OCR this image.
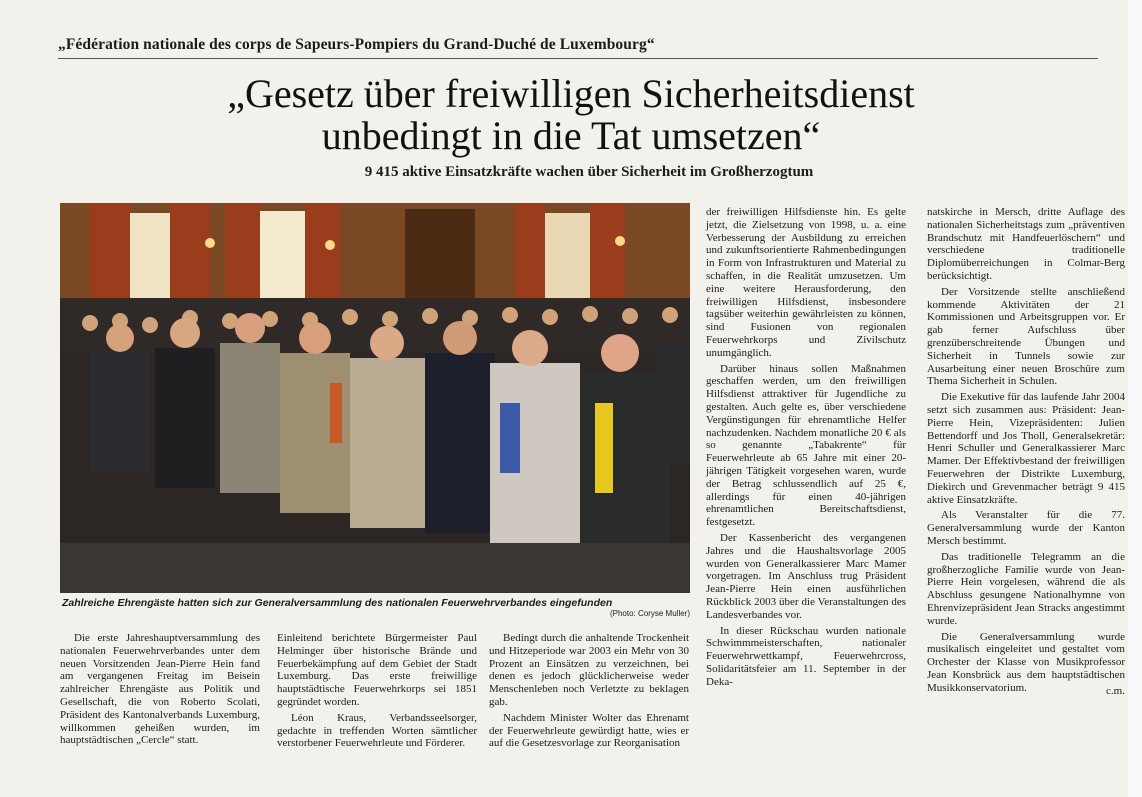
„Fédération nationale des corps de Sapeurs-Pompiers du Grand-Duché de Luxembourg“
„Gesetz über freiwilligen Sicherheitsdienst
unbedingt in die Tat umsetzen“
9 415 aktive Einsatzkräfte wachen über Sicherheit im Großherzogtum
Zahlreiche Ehrengäste hatten sich zur Generalversammlung des nationalen Feuerwehrverbandes eingefunden
(Photo: Coryse Muller)

Die erste Jahreshauptversammlung des nationalen Feuerwehrverbandes unter dem neuen Vorsitzenden Jean-Pierre Hein fand am vergangenen Freitag im Beisein zahlreicher Ehrengäste aus Politik und Gesellschaft, die von Roberto Scolati, Präsident des Kantonalverbands Luxemburg, willkommen geheißen wurden, im hauptstädtischen „Cercle“ statt.

Einleitend berichtete Bürgermeister Paul Helminger über historische Brände und Feuerbekämpfung auf dem Gebiet der Stadt Luxemburg. Das erste freiwillige hauptstädtische Feuerwehrkorps sei 1851 gegründet worden.

Léon Kraus, Verbandsseelsorger, gedachte in treffenden Worten sämtlicher verstorbener Feuerwehrleute und Förderer.

Bedingt durch die anhaltende Trockenheit und Hitzeperiode war 2003 ein Mehr von 30 Prozent an Einsätzen zu verzeichnen, bei denen es jedoch glücklicherweise weder Menschenleben noch Verletzte zu beklagen gab.

Nachdem Minister Wolter das Ehrenamt der Feuerwehrleute gewürdigt hatte, wies er auf die Gesetzesvorlage zur Reorganisation

der freiwilligen Hilfsdienste hin. Es gelte jetzt, die Zielsetzung von 1998, u. a. eine Verbesserung der Ausbildung zu erreichen und zukunftsorientierte Rahmenbedingungen in Form von Infrastrukturen und Material zu schaffen, in die Realität umzusetzen. Um eine weitere Herausforderung, den freiwilligen Hilfsdienst, insbesondere tagsüber weiterhin gewährleisten zu können, sind Fusionen von regionalen Feuerwehrkorps und Zivilschutz unumgänglich.

Darüber hinaus sollen Maßnahmen geschaffen werden, um den freiwilligen Hilfsdienst attraktiver für Jugendliche zu gestalten. Auch gelte es, über verschiedene Vergünstigungen für ehrenamtliche Helfer nachzudenken. Nachdem monatliche 20 € als so genannte „Tabakrente“ für Feuerwehrleute ab 65 Jahre mit einer 20-jährigen Tätigkeit vorgesehen waren, wurde der Betrag schlussendlich auf 25 €, allerdings für einen 40-jährigen ehrenamtlichen Bereitschaftsdienst, festgesetzt.

Der Kassenbericht des vergangenen Jahres und die Haushaltsvorlage 2005 wurden von Generalkassierer Marc Mamer vorgetragen. Im Anschluss trug Präsident Jean-Pierre Hein einen ausführlichen Rückblick 2003 über die Veranstaltungen des Landesverbandes vor.

In dieser Rückschau wurden nationale Schwimmmeisterschaften, nationaler Feuerwehrwettkampf, Feuerwehrcross, Solidaritätsfeier am 11. September in der Deka-

natskirche in Mersch, dritte Auflage des nationalen Sicherheitstags zum „präventiven Brandschutz mit Handfeuerlöschern“ und verschiedene traditionelle Diplomüberreichungen in Colmar-Berg berücksichtigt.

Der Vorsitzende stellte anschließend kommende Aktivitäten der 21 Kommissionen und Arbeitsgruppen vor. Er gab ferner Aufschluss über grenzüberschreitende Übungen und Sicherheit in Tunnels sowie zur Ausarbeitung einer neuen Broschüre zum Thema Sicherheit in Schulen.

Die Exekutive für das laufende Jahr 2004 setzt sich zusammen aus: Präsident: Jean-Pierre Hein, Vizepräsidenten: Julien Bettendorff und Jos Tholl, Generalsekretär: Henri Schuller und Generalkassierer Marc Mamer. Der Effektivbestand der freiwilligen Feuerwehren der Distrikte Luxemburg, Diekirch und Grevenmacher beträgt 9 415 aktive Einsatzkräfte.

Als Veranstalter für die 77. Generalversammlung wurde der Kanton Mersch bestimmt.

Das traditionelle Telegramm an die großherzogliche Familie wurde von Jean-Pierre Hein vorgelesen, während die als Abschluss gesungene Nationalhymne von Ehrenvizepräsident Jean Stracks angestimmt wurde.

Die Generalversammlung wurde musikalisch eingeleitet und gestaltet vom Orchester der Klasse von Musikprofessor Jean Konsbrück aus dem hauptstädtischen Musikkonservatorium.	c.m.
